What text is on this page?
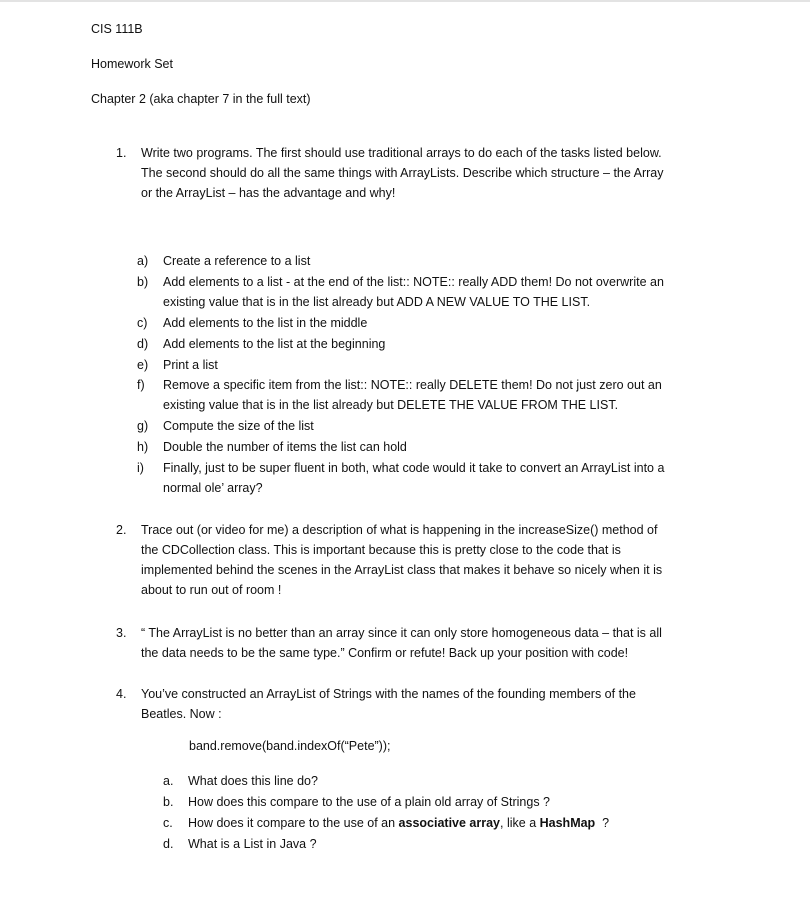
CIS 111B
Homework Set
Chapter 2 (aka chapter 7 in the full text)
1.	Write two programs. The first should use traditional arrays to do each of the tasks listed below.
The second should do all the same things with ArrayLists. Describe which structure – the Array
or the ArrayList – has the advantage and why!
a)	Create a reference to a list
b)	Add elements to a list - at the end of the list:: NOTE:: really ADD them! Do not overwrite an
existing value that is in the list already but ADD A NEW VALUE TO THE LIST.
c)	Add elements to the list in the middle
d)	Add elements to the list at the beginning
e)	Print a list
f)	Remove a specific item from the list:: NOTE:: really DELETE them! Do not just zero out an
existing value that is in the list already but DELETE THE VALUE FROM THE LIST.
g)	Compute the size of the list
h)	Double the number of items the list can hold
i)	Finally, just to be super fluent in both, what code would it take to convert an ArrayList into a
normal ole’ array?
2.	Trace out (or video for me) a description of what is happening in the increaseSize() method of
the CDCollection class. This is important because this is pretty close to the code that is
implemented behind the scenes in the ArrayList class that makes it behave so nicely when it is
about to run out of room !
3.	“ The ArrayList is no better than an array since it can only store homogeneous data – that is all
the data needs to be the same type.” Confirm or refute! Back up your position with code!
4.	You’ve constructed an ArrayList of Strings with the names of the founding members of the
Beatles. Now :
band.remove(band.indexOf(“Pete”));
a.	What does this line do?
b.	How does this compare to the use of a plain old array of Strings ?
c.	How does it compare to the use of an associative array, like a HashMap  ?
d.	What is a List in Java ?
